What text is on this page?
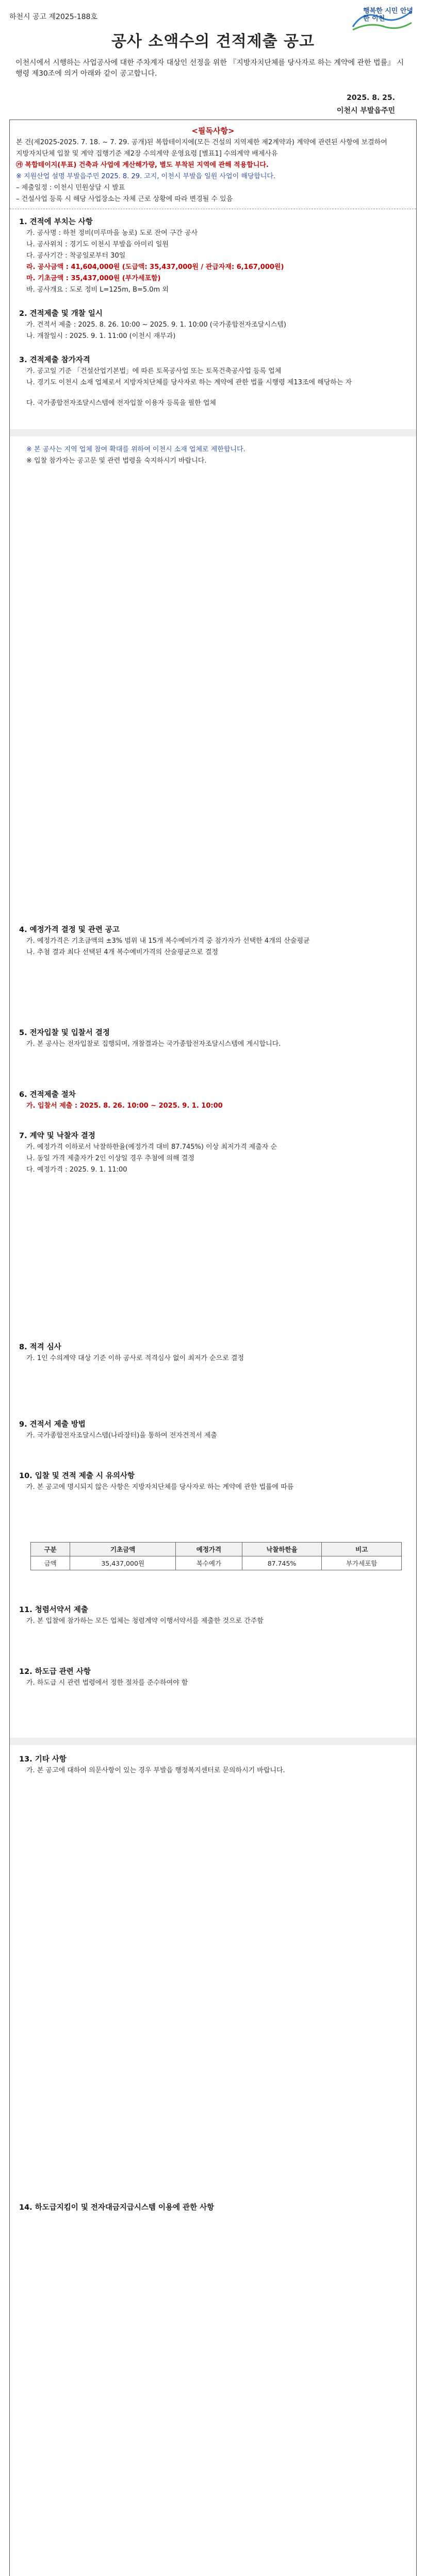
하천시 공고 제2025-188호
행복한 시민 안녕한 이천
공사 소액수의 견적제출 공고
이천시에서 시행하는 사업공사에 대한 주차계자 대상인 선정을 위한 『지방자치단체를 당사자로 하는 계약에 관한 법률』 시행령 제30조에 의거 아래와 같이 공고합니다.
2025. 8. 25.
이천시 부발읍주민
<필독사항>
본 건(제2025-2025. 7. 18. ~ 7. 29. 공개)된 복합테이지에(모든 건설의 지역제한 제2계약과) 계약에 관련된 사항에 보결하여
지방자치단체 입찰 및 계약 집행기준 제2장 수의계약 운영요령 [별표1] 수의계약 배제사유
㉮ 복합테이지(투표) 건축과 사업에 계산해가량, 별도 부착된 지역에 관해 적용합니다.
※ 지원산업 설명 부발읍주민 2025. 8. 29. 고지, 이천시 부발읍 일원 사업이 해당합니다.
– 제출일정 : 이천시 민원상담 시 발표
– 건설사업 등록 시 해당 사업장소는 자체 근로 상황에 따라 변경될 수 있음
1. 견적에 부치는 사항
가. 공사명 : 하천 정비(미루마을 농로) 도로 잔여 구간 공사
나. 공사위치 : 경기도 이천시 부발읍 아미리 일원
다. 공사기간 : 착공일로부터 30일
라. 공사금액 : 41,604,000원 (도급액: 35,437,000원 / 관급자재: 6,167,000원)
마. 기초금액 : 35,437,000원 (부가세포함)
바. 공사개요 : 도로 정비 L=125m, B=5.0m 외
2. 견적제출 및 개찰 일시
가. 견적서 제출 : 2025. 8. 26. 10:00 ~ 2025. 9. 1. 10:00 (국가종합전자조달시스템)
나. 개찰일시 : 2025. 9. 1. 11:00 (이천시 재무과)
3. 견적제출 참가자격
가. 공고일 기준 「건설산업기본법」에 따른 토목공사업 또는 토목건축공사업 등록 업체
나. 경기도 이천시 소재 업체로서 지방자치단체를 당사자로 하는 계약에 관한 법률 시행령 제13조에 해당하는 자
다. 국가종합전자조달시스템에 전자입찰 이용자 등록을 필한 업체
※ 본 공사는 지역 업체 참여 확대를 위하여 이천시 소재 업체로 제한합니다.
※ 입찰 참가자는 공고문 및 관련 법령을 숙지하시기 바랍니다.
4. 예정가격 결정 및 관련 공고
가. 예정가격은 기초금액의 ±3% 범위 내 15개 복수예비가격 중 참가자가 선택한 4개의 산술평균
나. 추첨 결과 최다 선택된 4개 복수예비가격의 산술평균으로 결정
5. 전자입찰 및 입찰서 결정
가. 본 공사는 전자입찰로 집행되며, 개찰결과는 국가종합전자조달시스템에 게시합니다.
6. 견적제출 절차
가. 입찰서 제출 : 2025. 8. 26. 10:00 ~ 2025. 9. 1. 10:00
7. 계약 및 낙찰자 결정
가. 예정가격 이하로서 낙찰하한율(예정가격 대비 87.745%) 이상 최저가격 제출자 순
나. 동일 가격 제출자가 2인 이상일 경우 추첨에 의해 결정
다. 예정가격 : 2025. 9. 1. 11:00
8. 적격 심사
가. 1인 수의계약 대상 기준 이하 공사로 적격심사 없이 최저가 순으로 결정
9. 견적서 제출 방법
가. 국가종합전자조달시스템(나라장터)을 통하여 전자견적서 제출
10. 입찰 및 견적 제출 시 유의사항
가. 본 공고에 명시되지 않은 사항은 지방자치단체를 당사자로 하는 계약에 관한 법률에 따름
구분	기초금액	예정가격	낙찰하한율	비고
금액	35,437,000원	복수예가	87.745%	부가세포함
11. 청렴서약서 제출
가. 본 입찰에 참가하는 모든 업체는 청렴계약 이행서약서를 제출한 것으로 간주함
12. 하도급 관련 사항
가. 하도급 시 관련 법령에서 정한 절차를 준수하여야 함
13. 기타 사항
가. 본 공고에 대하여 의문사항이 있는 경우 부발읍 행정복지센터로 문의하시기 바랍니다.
14. 하도급지킴이 및 전자대금지급시스템 이용에 관한 사항
